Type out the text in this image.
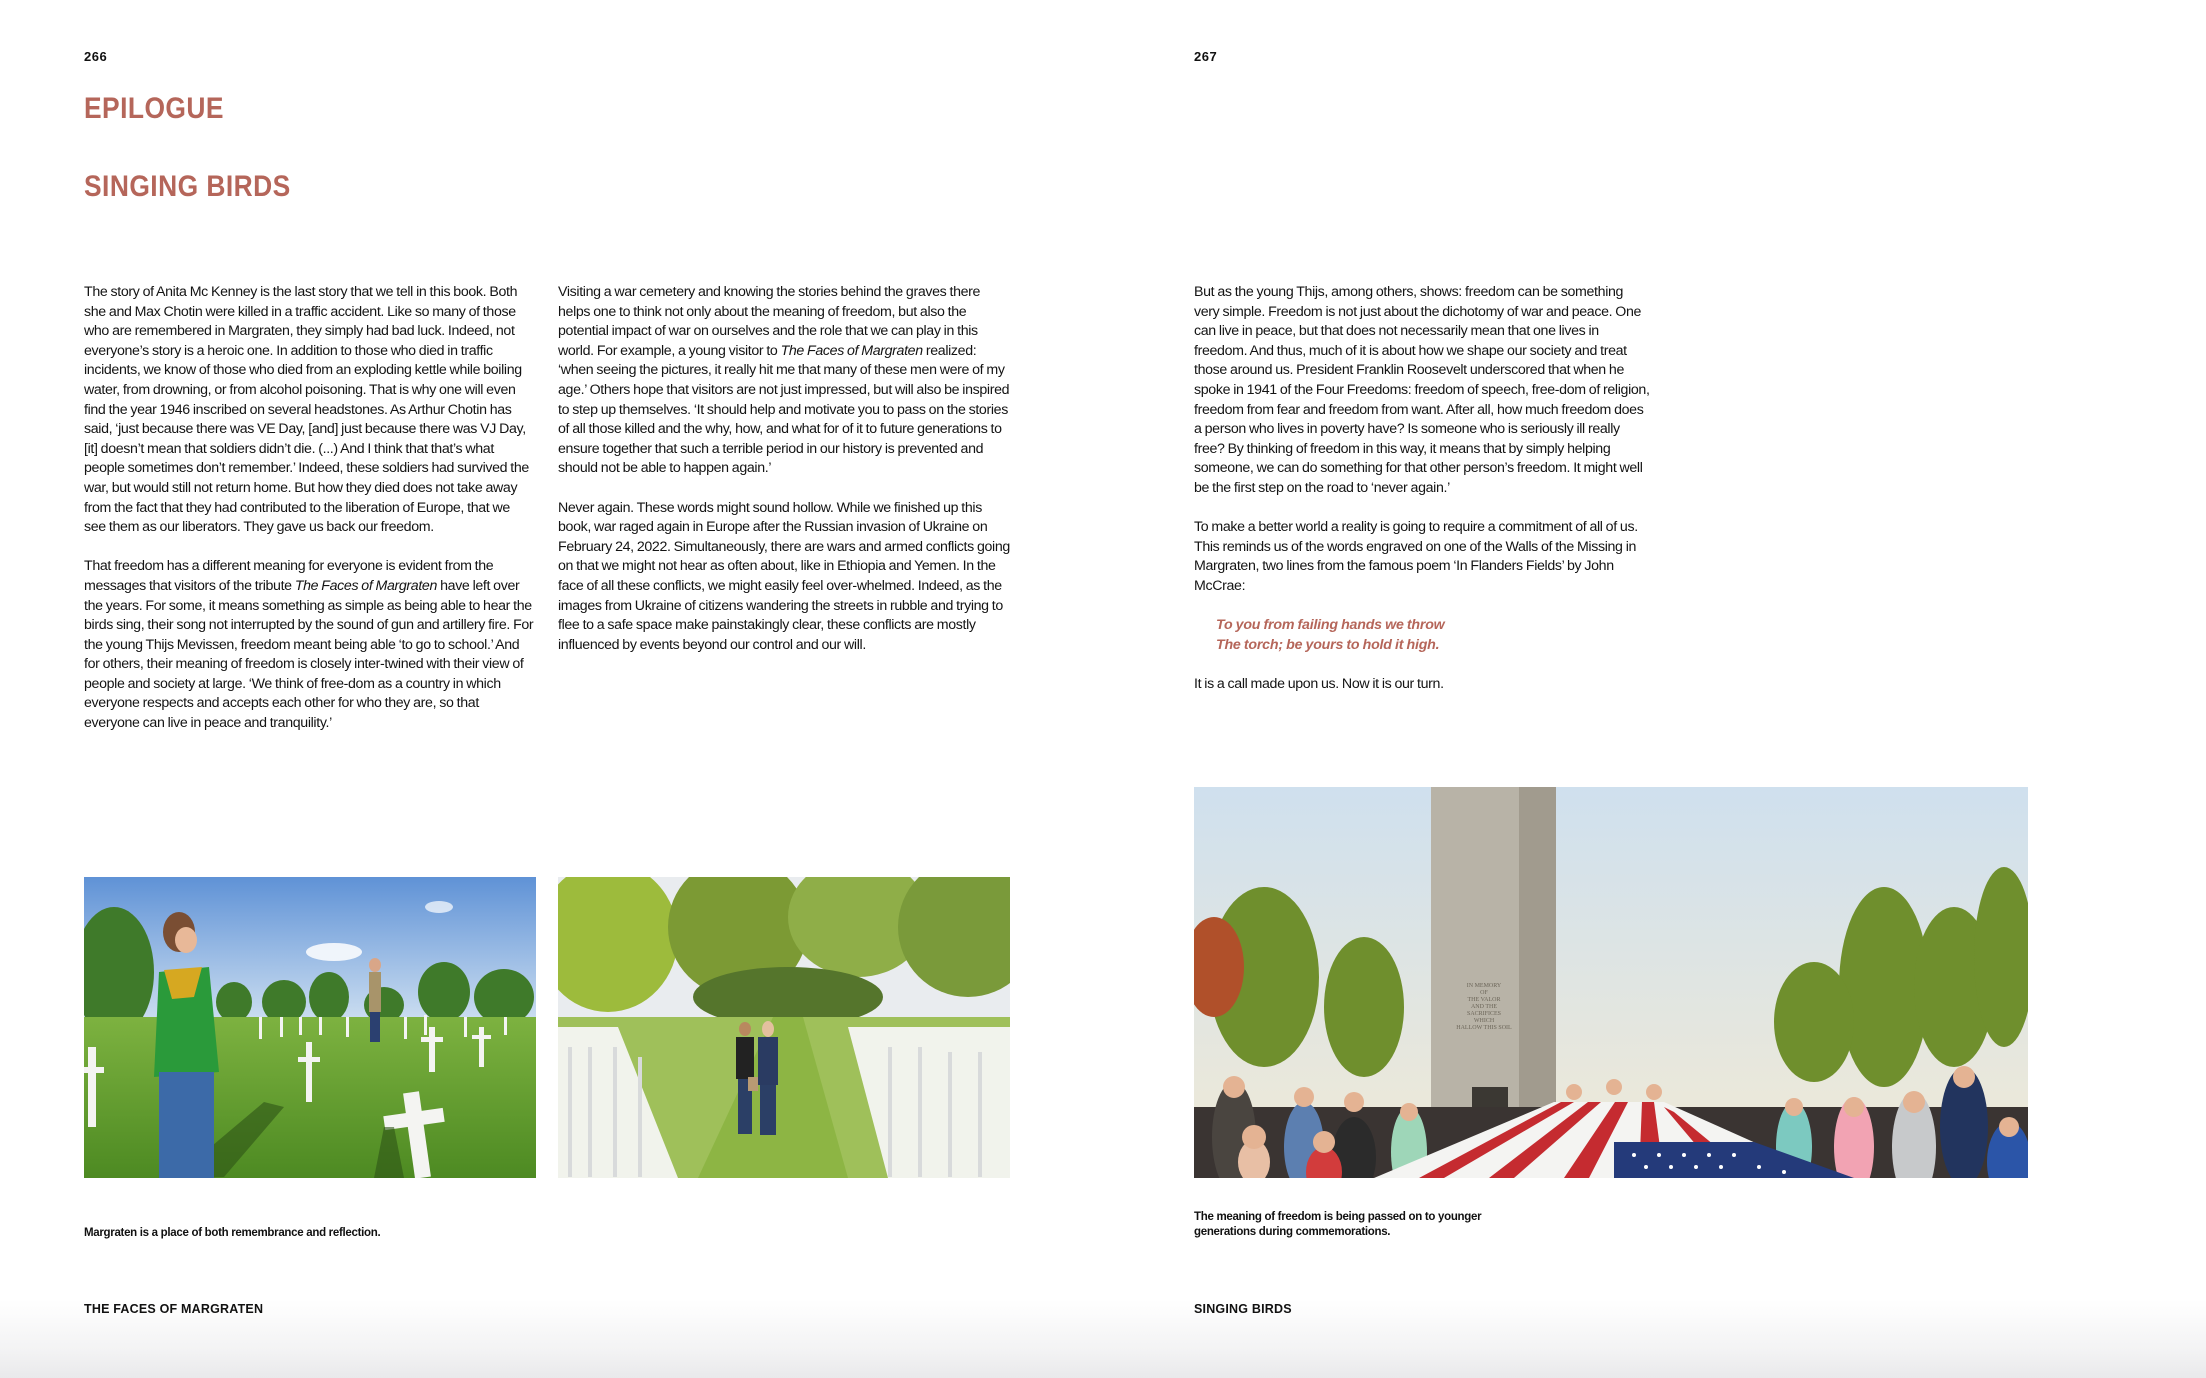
266
EPILOGUE
SINGING BIRDS

The story of Anita Mc Kenney is the last story that we tell in this book. Both she and Max Chotin were killed in a traffic accident. Like so many of those who are remembered in Margraten, they simply had bad luck. Indeed, not everyone’s story is a heroic one. In addition to those who died in traffic incidents, we know of those who died from an exploding kettle while boiling water, from drowning, or from alcohol poisoning. That is why one will even find the year 1946 inscribed on several headstones. As Arthur Chotin has said, ‘just because there was VE Day, [and] just because there was VJ Day, [it] doesn’t mean that soldiers didn’t die. (...) And I think that that’s what people sometimes don’t remember.’ Indeed, these soldiers had survived the war, but would still not return home. But how they died does not take away from the fact that they had contributed to the liberation of Europe, that we see them as our liberators. They gave us back our freedom.

That freedom has a different meaning for everyone is evident from the messages that visitors of the tribute The Faces of Margraten have left over the years. For some, it means something as simple as being able to hear the birds sing, their song not interrupted by the sound of gun and artillery fire. For the young Thijs Mevissen, freedom meant being able ‘to go to school.’ And for others, their meaning of freedom is closely inter-twined with their view of people and society at large. ‘We think of free-dom as a country in which everyone respects and accepts each other for who they are, so that everyone can live in peace and tranquility.’

Visiting a war cemetery and knowing the stories behind the graves there helps one to think not only about the meaning of freedom, but also the potential impact of war on ourselves and the role that we can play in this world. For example, a young visitor to The Faces of Margraten realized: ‘when seeing the pictures, it really hit me that many of these men were of my age.’ Others hope that visitors are not just impressed, but will also be inspired to step up themselves. ‘It should help and motivate you to pass on the stories of all those killed and the why, how, and what for of it to future generations to ensure together that such a terrible period in our history is prevented and should not be able to happen again.’

Never again. These words might sound hollow. While we finished up this book, war raged again in Europe after the Russian invasion of Ukraine on February 24, 2022. Simultaneously, there are wars and armed conflicts going on that we might not hear as often about, like in Ethiopia and Yemen. In the face of all these conflicts, we might easily feel over-whelmed. Indeed, as the images from Ukraine of citizens wandering the streets in rubble and trying to flee to a safe space make painstakingly clear, these conflicts are mostly influenced by events beyond our control and our will.

Margraten is a place of both remembrance and reflection.
THE FACES OF MARGRATEN
267

But as the young Thijs, among others, shows: freedom can be something very simple. Freedom is not just about the dichotomy of war and peace. One can live in peace, but that does not necessarily mean that one lives in freedom. And thus, much of it is about how we shape our society and treat those around us. President Franklin Roosevelt underscored that when he spoke in 1941 of the Four Freedoms: freedom of speech, free-dom of religion, freedom from fear and freedom from want. After all, how much freedom does a person who lives in poverty have? Is someone who is seriously ill really free? By thinking of freedom in this way, it means that by simply helping someone, we can do something for that other person’s freedom. It might well be the first step on the road to ‘never again.’

To make a better world a reality is going to require a commitment of all of us. This reminds us of the words engraved on one of the Walls of the Missing in Margraten, two lines from the famous poem ‘In Flanders Fields’ by John McCrae:

To you from failing hands we throw
The torch; be yours to hold it high.

It is a call made upon us. Now it is our turn.

IN MEMORY
OF
THE VALOR
AND THE
SACRIFICES
WHICH
HALLOW THIS SOIL
The meaning of freedom is being passed on to younger generations during commemorations.
SINGING BIRDS
